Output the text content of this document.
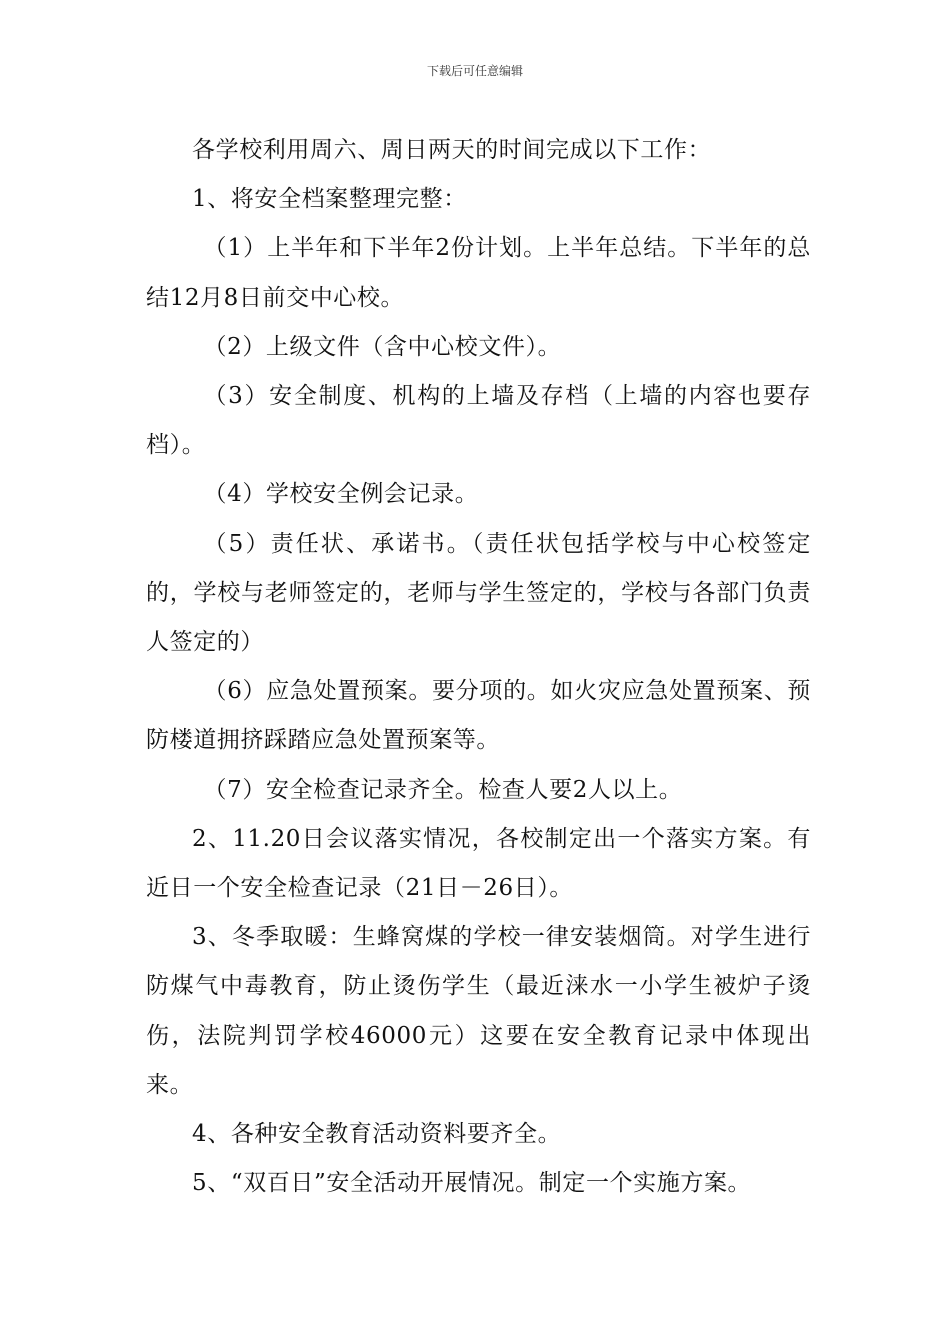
下载后可任意编辑

各学校利用周六、周日两天的时间完成以下工作：

1、将安全档案整理完整：

（1）上半年和下半年2份计划。上半年总结。下半年的总结12月8日前交中心校。

（2）上级文件（含中心校文件）。

（3）安全制度、机构的上墙及存档（上墙的内容也要存档）。

（4）学校安全例会记录。

（5）责任状、承诺书。（责任状包括学校与中心校签定的，学校与老师签定的，老师与学生签定的，学校与各部门负责人签定的）

（6）应急处置预案。要分项的。如火灾应急处置预案、预防楼道拥挤踩踏应急处置预案等。

（7）安全检查记录齐全。检查人要2人以上。

2、11.20日会议落实情况，各校制定出一个落实方案。有近日一个安全检查记录（21日－26日）。

3、冬季取暖：生蜂窝煤的学校一律安装烟筒。对学生进行防煤气中毒教育，防止烫伤学生（最近涞水一小学生被炉子烫伤，法院判罚学校46000元）这要在安全教育记录中体现出来。

4、各种安全教育活动资料要齐全。

5、“双百日”安全活动开展情况。制定一个实施方案。
